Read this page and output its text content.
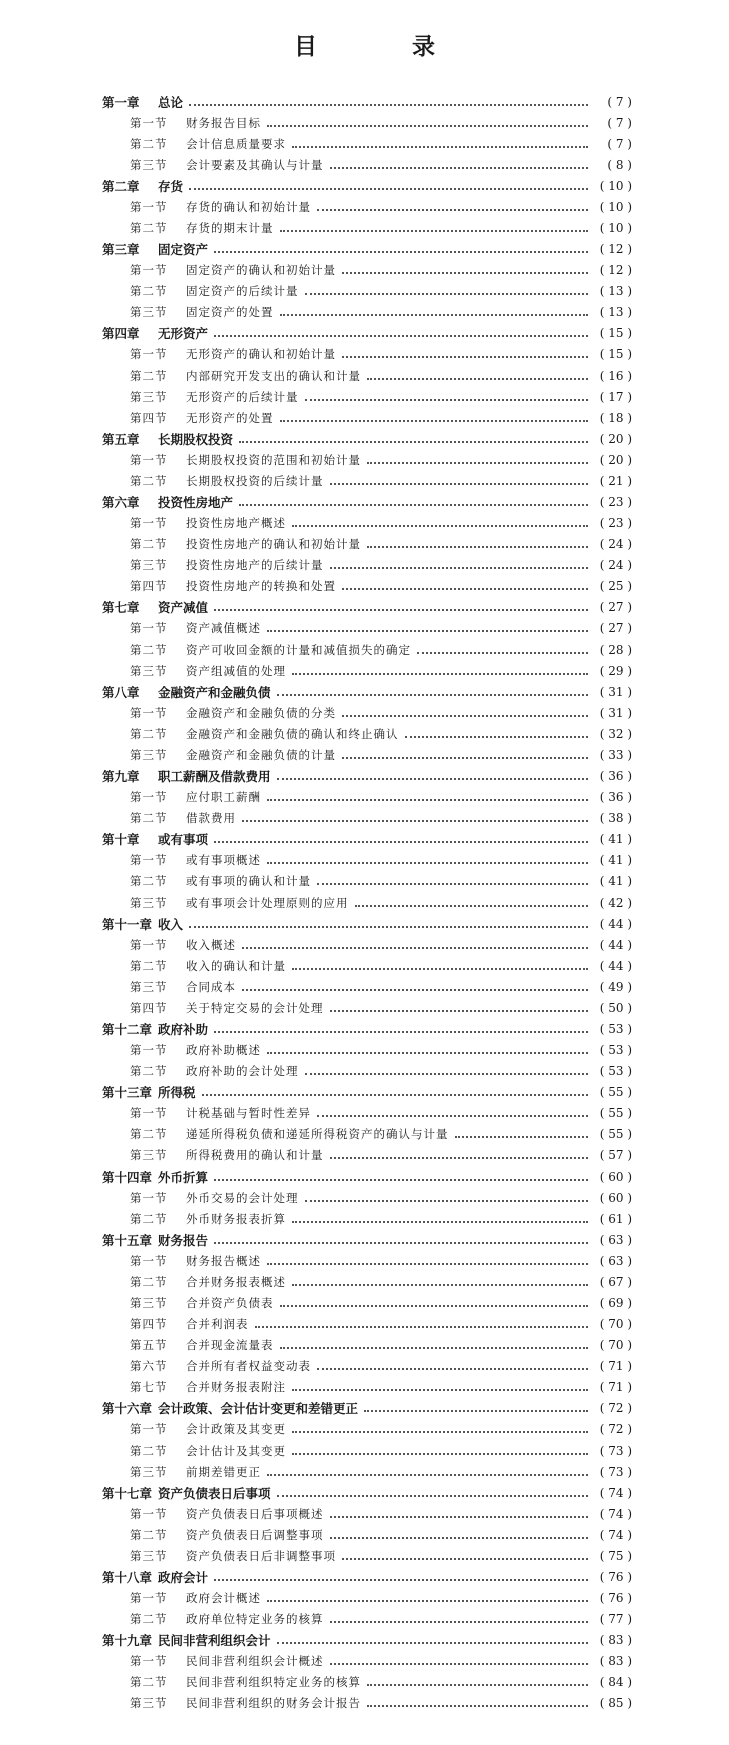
目　录
第一章	总论	( 7 )
第一节	财务报告目标	( 7 )
第二节	会计信息质量要求	( 7 )
第三节	会计要素及其确认与计量	( 8 )
第二章	存货	( 10 )
第一节	存货的确认和初始计量	( 10 )
第二节	存货的期末计量	( 10 )
第三章	固定资产	( 12 )
第一节	固定资产的确认和初始计量	( 12 )
第二节	固定资产的后续计量	( 13 )
第三节	固定资产的处置	( 13 )
第四章	无形资产	( 15 )
第一节	无形资产的确认和初始计量	( 15 )
第二节	内部研究开发支出的确认和计量	( 16 )
第三节	无形资产的后续计量	( 17 )
第四节	无形资产的处置	( 18 )
第五章	长期股权投资	( 20 )
第一节	长期股权投资的范围和初始计量	( 20 )
第二节	长期股权投资的后续计量	( 21 )
第六章	投资性房地产	( 23 )
第一节	投资性房地产概述	( 23 )
第二节	投资性房地产的确认和初始计量	( 24 )
第三节	投资性房地产的后续计量	( 24 )
第四节	投资性房地产的转换和处置	( 25 )
第七章	资产减值	( 27 )
第一节	资产减值概述	( 27 )
第二节	资产可收回金额的计量和减值损失的确定	( 28 )
第三节	资产组减值的处理	( 29 )
第八章	金融资产和金融负债	( 31 )
第一节	金融资产和金融负债的分类	( 31 )
第二节	金融资产和金融负债的确认和终止确认	( 32 )
第三节	金融资产和金融负债的计量	( 33 )
第九章	职工薪酬及借款费用	( 36 )
第一节	应付职工薪酬	( 36 )
第二节	借款费用	( 38 )
第十章	或有事项	( 41 )
第一节	或有事项概述	( 41 )
第二节	或有事项的确认和计量	( 41 )
第三节	或有事项会计处理原则的应用	( 42 )
第十一章 收入	( 44 )
第一节	收入概述	( 44 )
第二节	收入的确认和计量	( 44 )
第三节	合同成本	( 49 )
第四节	关于特定交易的会计处理	( 50 )
第十二章 政府补助	( 53 )
第一节	政府补助概述	( 53 )
第二节	政府补助的会计处理	( 53 )
第十三章 所得税	( 55 )
第一节	计税基础与暂时性差异	( 55 )
第二节	递延所得税负债和递延所得税资产的确认与计量	( 55 )
第三节	所得税费用的确认和计量	( 57 )
第十四章 外币折算	( 60 )
第一节	外币交易的会计处理	( 60 )
第二节	外币财务报表折算	( 61 )
第十五章 财务报告	( 63 )
第一节	财务报告概述	( 63 )
第二节	合并财务报表概述	( 67 )
第三节	合并资产负债表	( 69 )
第四节	合并利润表	( 70 )
第五节	合并现金流量表	( 70 )
第六节	合并所有者权益变动表	( 71 )
第七节	合并财务报表附注	( 71 )
第十六章 会计政策、会计估计变更和差错更正	( 72 )
第一节	会计政策及其变更	( 72 )
第二节	会计估计及其变更	( 73 )
第三节	前期差错更正	( 73 )
第十七章 资产负债表日后事项	( 74 )
第一节	资产负债表日后事项概述	( 74 )
第二节	资产负债表日后调整事项	( 74 )
第三节	资产负债表日后非调整事项	( 75 )
第十八章 政府会计	( 76 )
第一节	政府会计概述	( 76 )
第二节	政府单位特定业务的核算	( 77 )
第十九章 民间非营利组织会计	( 83 )
第一节	民间非营利组织会计概述	( 83 )
第二节	民间非营利组织特定业务的核算	( 84 )
第三节	民间非营利组织的财务会计报告	( 85 )
